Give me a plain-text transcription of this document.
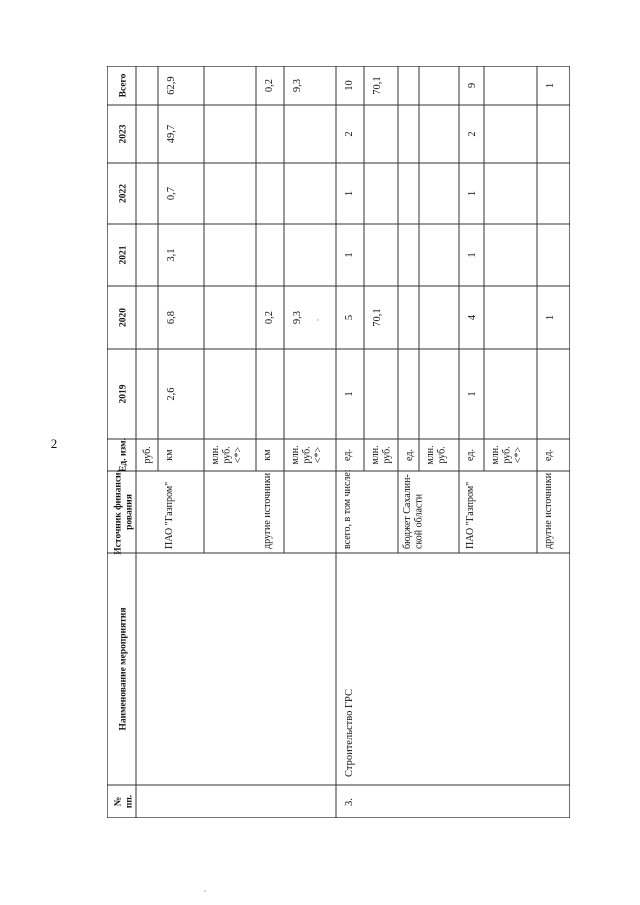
2
№пп.
Наименование мероприятия
Источник финанси-рования
Ед. изм.
2019
2020
2021
2022
2023
Всего
3.
Строительство ГРС
руб.
ПАО "Газпром"
км
2,6
6,8
3,1
0,7
49,7
62,9
млн.руб.<*>
другие источники
км
0,2
0,2
млн.руб.<*>
9,3
9,3
всего, в том числе:
ед.
1
5
1
1
2
10
млн.руб.
70,1
70,1
бюджет Сахалин-ской области
ед. млн.руб.
ПАО "Газпром"
ед.
1
4
1
1
2
9
млн.руб.<*>
другие источники
ед.
1
1
